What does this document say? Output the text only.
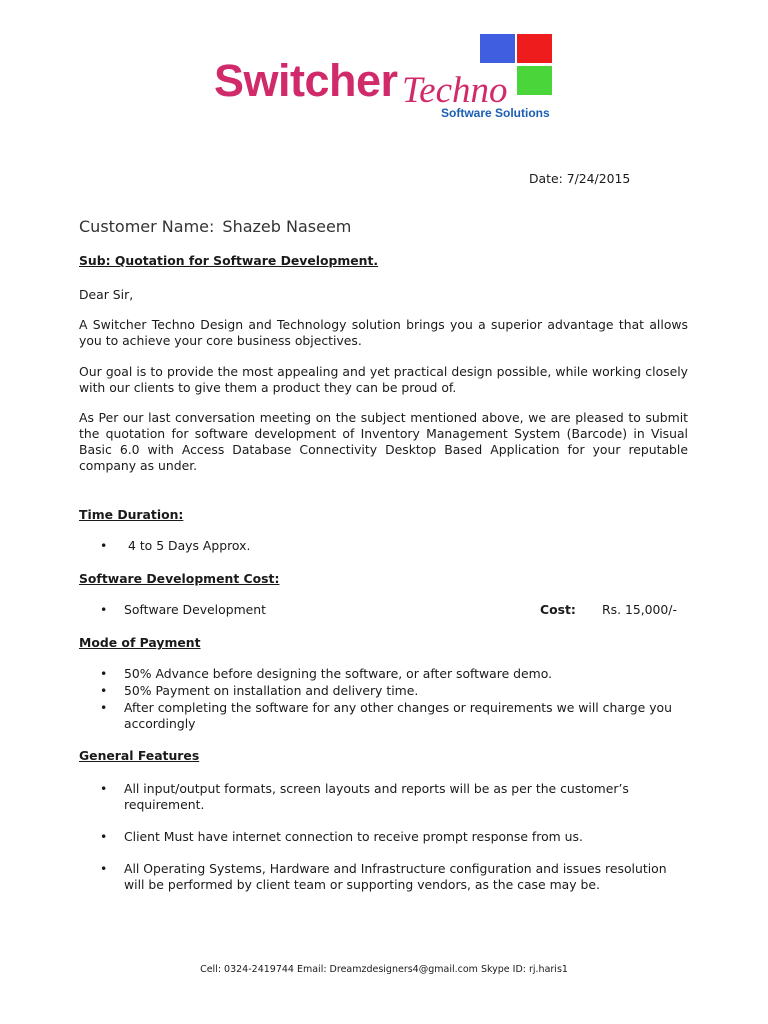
Switcher Techno
Software Solutions
Date: 7/24/2015
Customer Name: Shazeb Naseem
Sub: Quotation for Software Development.
Dear Sir,
A Switcher Techno Design and Technology solution brings you a superior advantage that allows you to achieve your core business objectives.
Our goal is to provide the most appealing and yet practical design possible, while working closely with our clients to give them a product they can be proud of.
As Per our last conversation meeting on the subject mentioned above, we are pleased to submit the quotation for software development of Inventory Management System (Barcode) in Visual Basic 6.0 with Access Database Connectivity Desktop Based Application for your reputable company as under.
Time Duration:
• 4 to 5 Days Approx.
Software Development Cost:
• Software Development	Cost: Rs. 15,000/-
Mode of Payment
• 50% Advance before designing the software, or after software demo.
• 50% Payment on installation and delivery time.
• After completing the software for any other changes or requirements we will charge you accordingly
General Features
• All input/output formats, screen layouts and reports will be as per the customer’s requirement.
• Client Must have internet connection to receive prompt response from us.
• All Operating Systems, Hardware and Infrastructure configuration and issues resolution will be performed by client team or supporting vendors, as the case may be.
Cell: 0324-2419744 Email: Dreamzdesigners4@gmail.com Skype ID: rj.haris1
